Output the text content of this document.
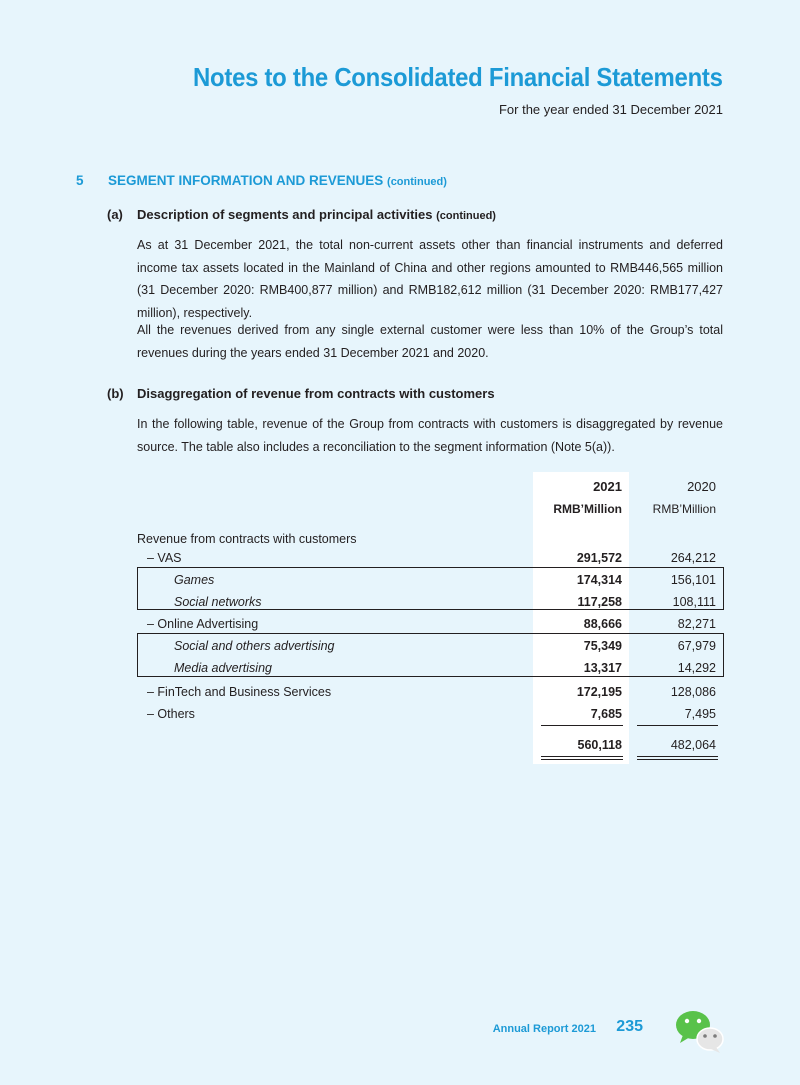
Notes to the Consolidated Financial Statements
For the year ended 31 December 2021
5 SEGMENT INFORMATION AND REVENUES (continued)
(a) Description of segments and principal activities (continued)

As at 31 December 2021, the total non-current assets other than financial instruments and deferred income tax assets located in the Mainland of China and other regions amounted to RMB446,565 million (31 December 2020: RMB400,877 million) and RMB182,612 million (31 December 2020: RMB177,427 million), respectively.

All the revenues derived from any single external customer were less than 10% of the Group’s total revenues during the years ended 31 December 2021 and 2020.

(b) Disaggregation of revenue from contracts with customers

In the following table, revenue of the Group from contracts with customers is disaggregated by revenue source. The table also includes a reconciliation to the segment information (Note 5(a)).

2021	2020
RMB’Million	RMB’Million
Revenue from contracts with customers
– VAS	291,572	264,212
Games	174,314	156,101
Social networks	117,258	108,111
– Online Advertising	88,666	82,271
Social and others advertising	75,349	67,979
Media advertising	13,317	14,292
– FinTech and Business Services	172,195	128,086
– Others	7,685	7,495
560,118	482,064
Annual Report 2021 235
